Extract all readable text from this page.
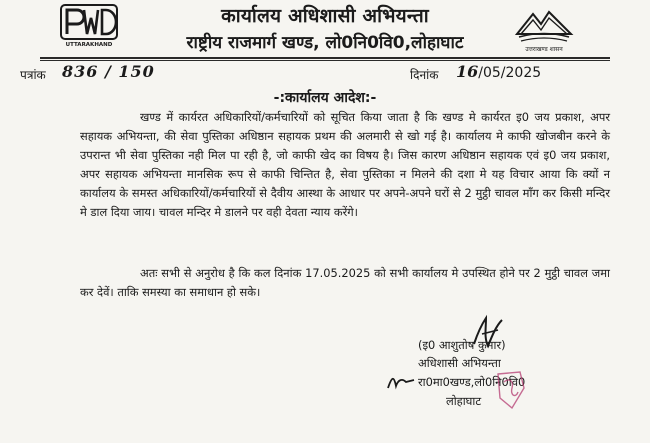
UTTARAKHAND
कार्यालय अधिशासी अभियन्ता
राष्ट्रीय राजमार्ग खण्ड, लो0नि0वि0,लोहाघाट	उत्तराखण्ड शासन
पत्रांक 836 / 150	दिनांक 16/05/2025
-:कार्यालय आदेश:-
खण्ड में कार्यरत अधिकारियों/कर्मचारियों को सूचित किया जाता है कि खण्ड मे कार्यरत इ0 जय प्रकाश, अपर सहायक अभियन्ता, की सेवा पुस्तिका अधिष्ठान सहायक प्रथम की अलमारी से खो गई है। कार्यालय मे काफी खोजबीन करने के उपरान्त भी सेवा पुस्तिका नही मिल पा रही है, जो काफी खेद का विषय है। जिस कारण अधिष्ठान सहायक एवं इ0 जय प्रकाश, अपर सहायक अभियन्ता मानसिक रूप से काफी चिन्तित है, सेवा पुस्तिका न मिलने की दशा मे यह विचार आया कि क्यों न कार्यालय के समस्त अधिकारियों/कर्मचारियों से दैवीय आस्था के आधार पर अपने-अपने घरों से 2 मुट्ठी चावल माँग कर किसी मन्दिर मे डाल दिया जाय। चावल मन्दिर मे डालने पर वही देवता न्याय करेंगे।
अतः सभी से अनुरोध है कि कल दिनांक 17.05.2025 को सभी कार्यालय मे उपस्थित होने पर 2 मुट्ठी चावल जमा कर देवें। ताकि समस्या का समाधान हो सके।
(इ0 आशुतोष कुमार)
अधिशासी अभियन्ता
रा0मा0खण्ड,लो0नि0वि0
लोहाघाट
